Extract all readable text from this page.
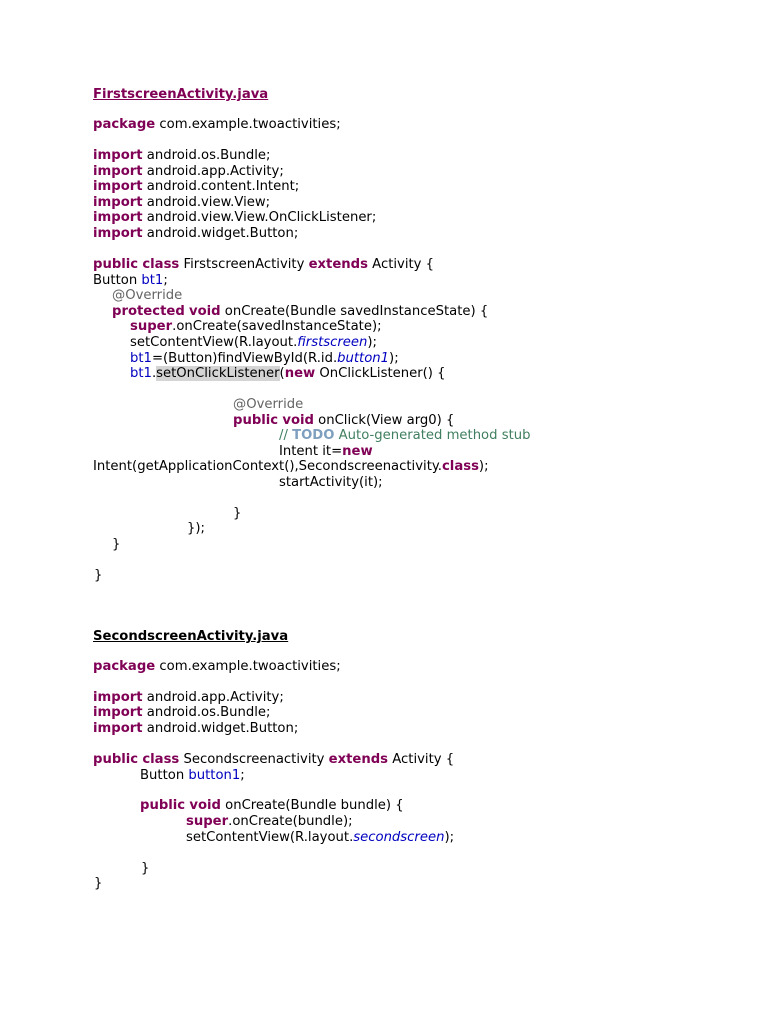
FirstscreenActivity.java
package com.example.twoactivities;
import android.os.Bundle;
import android.app.Activity;
import android.content.Intent;
import android.view.View;
import android.view.View.OnClickListener;
import android.widget.Button;
public class FirstscreenActivity extends Activity {
Button bt1;
@Override
protected void onCreate(Bundle savedInstanceState) {
super.onCreate(savedInstanceState);
setContentView(R.layout.firstscreen);
bt1=(Button)findViewById(R.id.button1);
bt1.setOnClickListener(new OnClickListener() {
@Override
public void onClick(View arg0) {
// TODO Auto-generated method stub
Intent it=new
Intent(getApplicationContext(),Secondscreenactivity.class);
startActivity(it);
}
});
}
}
SecondscreenActivity.java
package com.example.twoactivities;
import android.app.Activity;
import android.os.Bundle;
import android.widget.Button;
public class Secondscreenactivity extends Activity {
Button button1;
public void onCreate(Bundle bundle) {
super.onCreate(bundle);
setContentView(R.layout.secondscreen);
}
}
